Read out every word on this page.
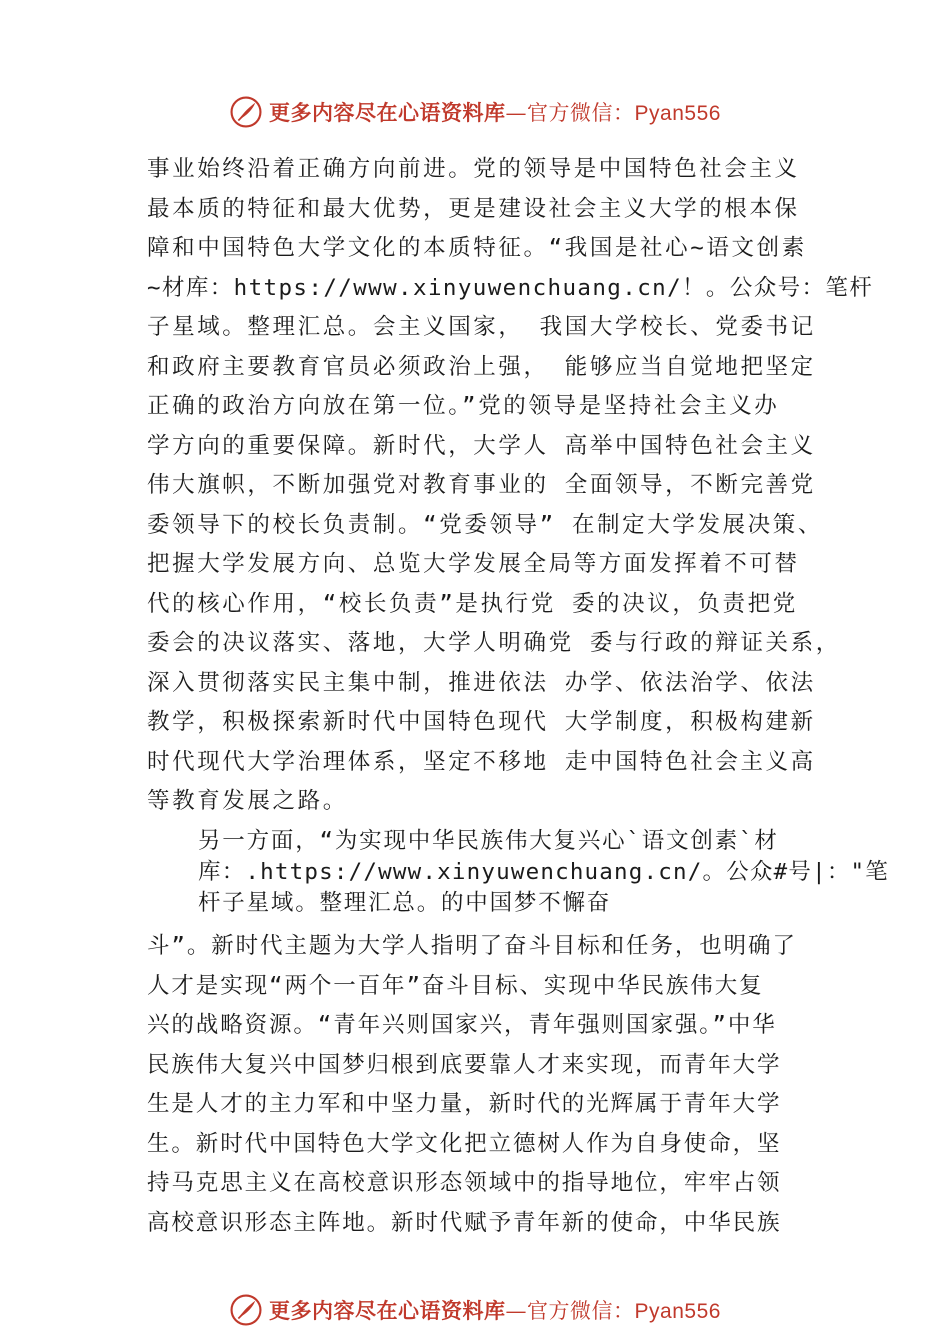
更多内容尽在心语资料库—官方微信：Pyan556
事业始终沿着正确方向前进。党的领导是中国特色社会主义
最本质的特征和最大优势，更是建设社会主义大学的根本保
障和中国特色大学文化的本质特征。“我国是社心~语文创素
~材库：https://www.xinyuwenchuang.cn/！。公众号：笔杆
子星域。整理汇总。会主义国家， 我国大学校长、党委书记
和政府主要教育官员必须政治上强， 能够应当自觉地把坚定
正确的政治方向放在第一位。”党的领导是坚持社会主义办
学方向的重要保障。新时代，大学人 高举中国特色社会主义
伟大旗帜，不断加强党对教育事业的 全面领导，不断完善党
委领导下的校长负责制。“党委领导” 在制定大学发展决策、
把握大学发展方向、总览大学发展全局等方面发挥着不可替
代的核心作用，“校长负责”是执行党 委的决议，负责把党
委会的决议落实、落地，大学人明确党 委与行政的辩证关系，
深入贯彻落实民主集中制，推进依法 办学、依法治学、依法
教学，积极探索新时代中国特色现代 大学制度，积极构建新
时代现代大学治理体系，坚定不移地 走中国特色社会主义高
等教育发展之路。
另一方面，“为实现中华民族伟大复兴心`语文创素`材
库：.https://www.xinyuwenchuang.cn/。公众#号|："笔
杆子星域。整理汇总。的中国梦不懈奋
斗”。新时代主题为大学人指明了奋斗目标和任务，也明确了
人才是实现“两个一百年”奋斗目标、实现中华民族伟大复
兴的战略资源。“青年兴则国家兴，青年强则国家强。”中华
民族伟大复兴中国梦归根到底要靠人才来实现，而青年大学
生是人才的主力军和中坚力量，新时代的光辉属于青年大学
生。新时代中国特色大学文化把立德树人作为自身使命，坚
持马克思主义在高校意识形态领域中的指导地位，牢牢占领
高校意识形态主阵地。新时代赋予青年新的使命，中华民族
更多内容尽在心语资料库—官方微信：Pyan556
